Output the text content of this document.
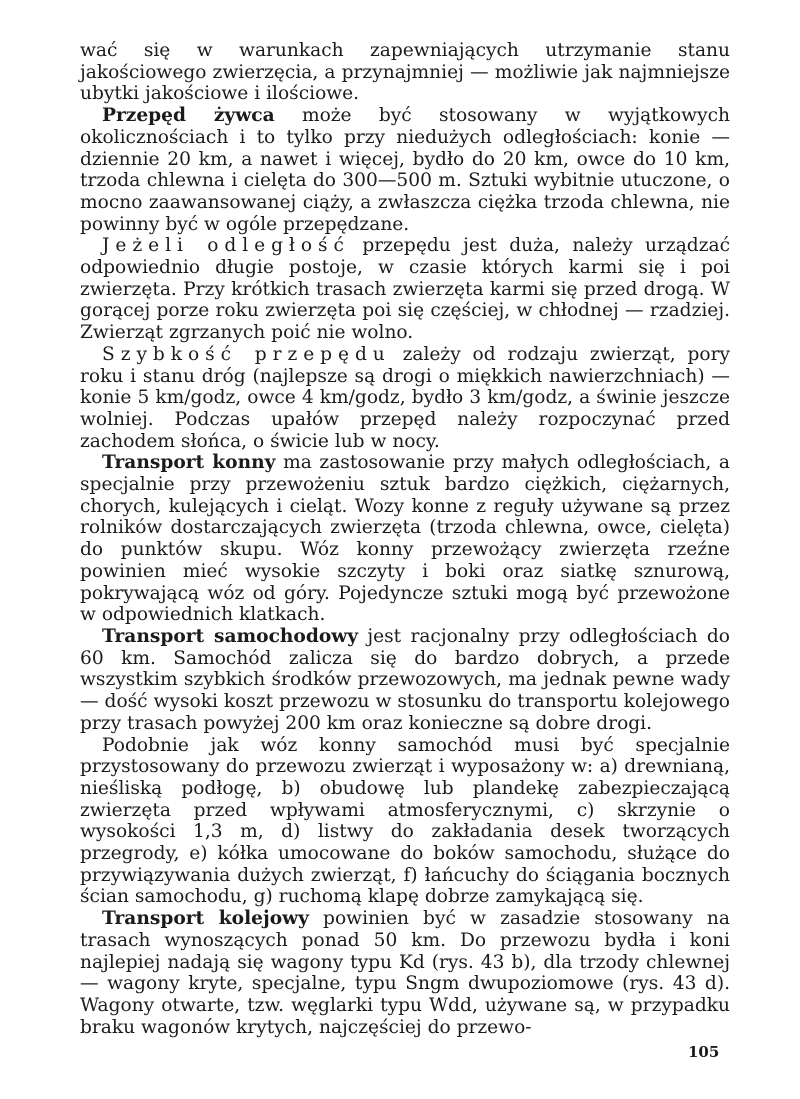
wać się w warunkach zapewniających utrzymanie stanu jakościowego zwierzęcia, a przynajmniej — możliwie jak najmniejsze ubytki jakościowe i ilościowe.

Przepęd żywca może być stosowany w wyjątkowych okolicznościach i to tylko przy niedużych odległościach: konie — dziennie 20 km, a nawet i więcej, bydło do 20 km, owce do 10 km, trzoda chlewna i cielęta do 300—500 m. Sztuki wybitnie utuczone, o mocno zaawansowanej ciąży, a zwłaszcza ciężka trzoda chlewna, nie powinny być w ogóle przepędzane.

Jeżeli odległość przepędu jest duża, należy urządzać odpowiednio długie postoje, w czasie których karmi się i poi zwierzęta. Przy krótkich trasach zwierzęta karmi się przed drogą. W gorącej porze roku zwierzęta poi się częściej, w chłodnej — rzadziej. Zwierząt zgrzanych poić nie wolno.

Szybkość przepędu zależy od rodzaju zwierząt, pory roku i stanu dróg (najlepsze są drogi o miękkich nawierzchniach) — konie 5 km/godz, owce 4 km/godz, bydło 3 km/godz, a świnie jeszcze wolniej. Podczas upałów przepęd należy rozpoczynać przed zachodem słońca, o świcie lub w nocy.

Transport konny ma zastosowanie przy małych odległościach, a specjalnie przy przewożeniu sztuk bardzo ciężkich, ciężarnych, chorych, kulejących i cieląt. Wozy konne z reguły używane są przez rolników dostarczających zwierzęta (trzoda chlewna, owce, cielęta) do punktów skupu. Wóz konny przewożący zwierzęta rzeźne powinien mieć wysokie szczyty i boki oraz siatkę sznurową, pokrywającą wóz od góry. Pojedyncze sztuki mogą być przewożone w odpowiednich klatkach.

Transport samochodowy jest racjonalny przy odległościach do 60 km. Samochód zalicza się do bardzo dobrych, a przede wszystkim szybkich środków przewozowych, ma jednak pewne wady — dość wysoki koszt przewozu w stosunku do transportu kolejowego przy trasach powyżej 200 km oraz konieczne są dobre drogi.

Podobnie jak wóz konny samochód musi być specjalnie przystosowany do przewozu zwierząt i wyposażony w: a) drewnianą, nieśliską podłogę, b) obudowę lub plandekę zabezpieczającą zwierzęta przed wpływami atmosferycznymi, c) skrzynie o wysokości 1,3 m, d) listwy do zakładania desek tworzących przegrody, e) kółka umocowane do boków samochodu, służące do przywiązywania dużych zwierząt, f) łańcuchy do ściągania bocznych ścian samochodu, g) ruchomą klapę dobrze zamykającą się.

Transport kolejowy powinien być w zasadzie stosowany na trasach wynoszących ponad 50 km. Do przewozu bydła i koni najlepiej nadają się wagony typu Kd (rys. 43 b), dla trzody chlewnej — wagony kryte, specjalne, typu Sngm dwupoziomowe (rys. 43 d). Wagony otwarte, tzw. węglarki typu Wdd, używane są, w przypadku braku wagonów krytych, najczęściej do przewo-

105
